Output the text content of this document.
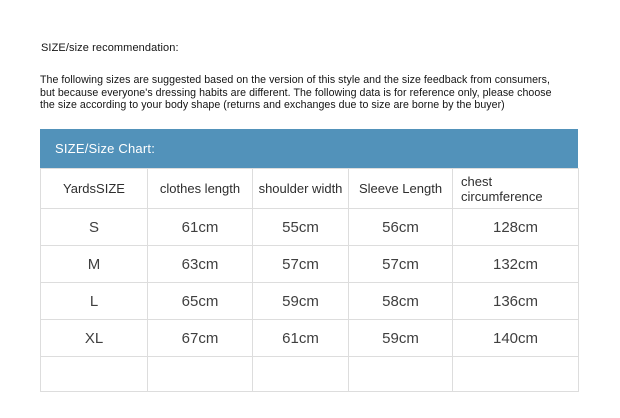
SIZE/size recommendation:
The following sizes are suggested based on the version of this style and the size feedback from consumers,
but because everyone's dressing habits are different. The following data is for reference only, please choose
the size according to your body shape (returns and exchanges due to size are borne by the buyer)
SIZE/Size Chart:
YardsSIZE	clothes length	shoulder width	Sleeve Length	chest circumference
S	61cm	55cm	56cm	128cm
M	63cm	57cm	57cm	132cm
L	65cm	59cm	58cm	136cm
XL	67cm	61cm	59cm	140cm
